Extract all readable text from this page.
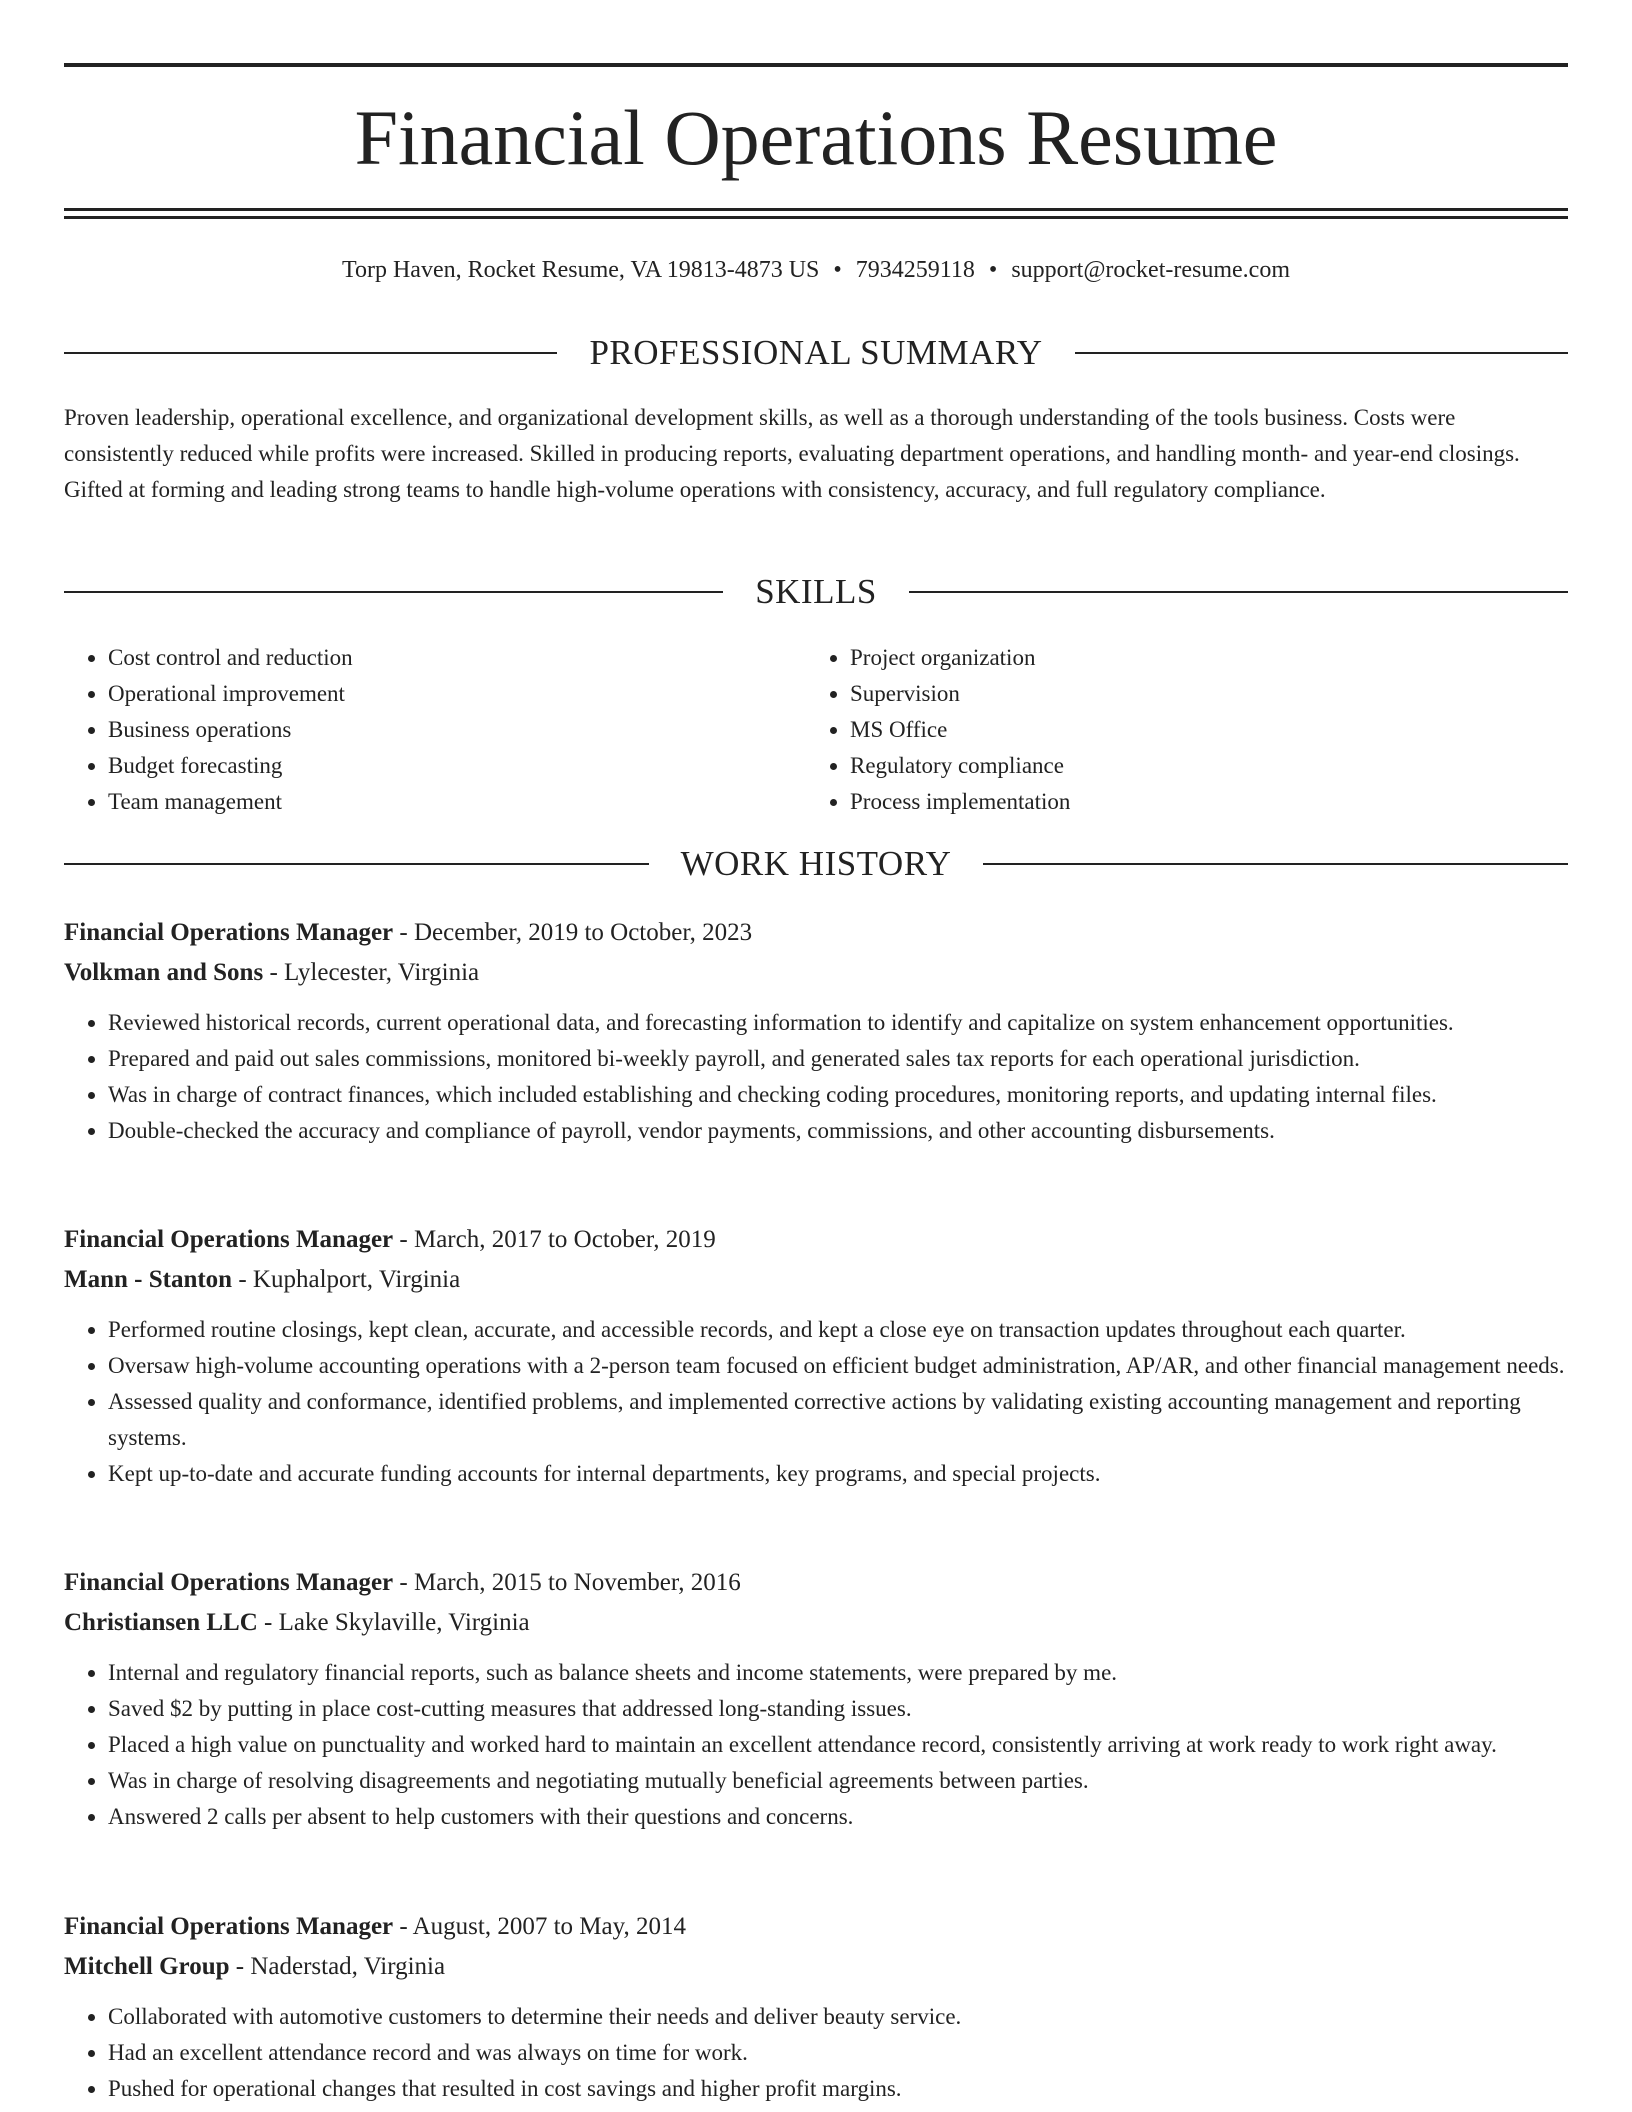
Financial Operations Resume
Torp Haven, Rocket Resume, VA 19813-4873 US • 7934259118 • support@rocket-resume.com
PROFESSIONAL SUMMARY

Proven leadership, operational excellence, and organizational development skills, as well as a thorough understanding of the tools business. Costs were consistently reduced while profits were increased. Skilled in producing reports, evaluating department operations, and handling month- and year-end closings. Gifted at forming and leading strong teams to handle high-volume operations with consistency, accuracy, and full regulatory compliance.

SKILLS
• Cost control and reduction
• Operational improvement
• Business operations
• Budget forecasting
• Team management
• Project organization
• Supervision
• MS Office
• Regulatory compliance
• Process implementation
WORK HISTORY
Financial Operations Manager - December, 2019 to October, 2023
Volkman and Sons - Lylecester, Virginia
• Reviewed historical records, current operational data, and forecasting information to identify and capitalize on system enhancement opportunities.
• Prepared and paid out sales commissions, monitored bi-weekly payroll, and generated sales tax reports for each operational jurisdiction.
• Was in charge of contract finances, which included establishing and checking coding procedures, monitoring reports, and updating internal files.
• Double-checked the accuracy and compliance of payroll, vendor payments, commissions, and other accounting disbursements.
Financial Operations Manager - March, 2017 to October, 2019
Mann - Stanton - Kuphalport, Virginia
• Performed routine closings, kept clean, accurate, and accessible records, and kept a close eye on transaction updates throughout each quarter.
• Oversaw high-volume accounting operations with a 2-person team focused on efficient budget administration, AP/AR, and other financial management needs.
• Assessed quality and conformance, identified problems, and implemented corrective actions by validating existing accounting management and reporting systems.
• Kept up-to-date and accurate funding accounts for internal departments, key programs, and special projects.
Financial Operations Manager - March, 2015 to November, 2016
Christiansen LLC - Lake Skylaville, Virginia
• Internal and regulatory financial reports, such as balance sheets and income statements, were prepared by me.
• Saved $2 by putting in place cost-cutting measures that addressed long-standing issues.
• Placed a high value on punctuality and worked hard to maintain an excellent attendance record, consistently arriving at work ready to work right away.
• Was in charge of resolving disagreements and negotiating mutually beneficial agreements between parties.
• Answered 2 calls per absent to help customers with their questions and concerns.
Financial Operations Manager - August, 2007 to May, 2014
Mitchell Group - Naderstad, Virginia
• Collaborated with automotive customers to determine their needs and deliver beauty service.
• Had an excellent attendance record and was always on time for work.
• Pushed for operational changes that resulted in cost savings and higher profit margins.
